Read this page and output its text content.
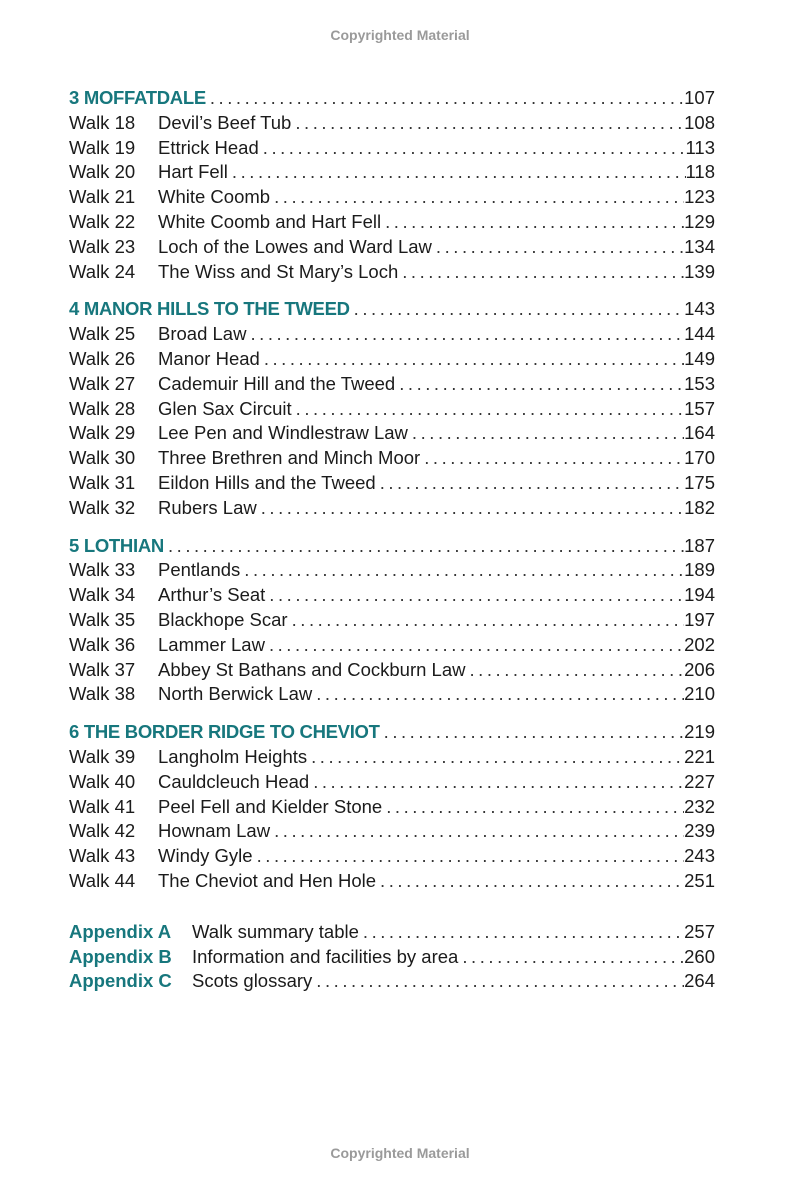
Copyrighted Material
3 MOFFATDALE . . .	107
Walk 18	Devil’s Beef Tub . . .	108
Walk 19	Ettrick Head . . .	113
Walk 20	Hart Fell . . .	118
Walk 21	White Coomb . . .	123
Walk 22	White Coomb and Hart Fell . . .	129
Walk 23	Loch of the Lowes and Ward Law . . .	134
Walk 24	The Wiss and St Mary’s Loch . . .	139
4 MANOR HILLS TO THE TWEED . . .	143
Walk 25	Broad Law . . .	144
Walk 26	Manor Head . . .	149
Walk 27	Cademuir Hill and the Tweed . . .	153
Walk 28	Glen Sax Circuit . . .	157
Walk 29	Lee Pen and Windlestraw Law . . .	164
Walk 30	Three Brethren and Minch Moor . . .	170
Walk 31	Eildon Hills and the Tweed . . .	175
Walk 32	Rubers Law . . .	182
5 LOTHIAN . . .	187
Walk 33	Pentlands . . .	189
Walk 34	Arthur’s Seat . . .	194
Walk 35	Blackhope Scar . . .	197
Walk 36	Lammer Law . . .	202
Walk 37	Abbey St Bathans and Cockburn Law . . .	206
Walk 38	North Berwick Law . . .	210
6 THE BORDER RIDGE TO CHEVIOT . . .	219
Walk 39	Langholm Heights . . .	221
Walk 40	Cauldcleuch Head . . .	227
Walk 41	Peel Fell and Kielder Stone . . .	232
Walk 42	Hownam Law . . .	239
Walk 43	Windy Gyle . . .	243
Walk 44	The Cheviot and Hen Hole . . .	251
Appendix A	Walk summary table . . .	257
Appendix B	Information and facilities by area . . .	260
Appendix C	Scots glossary . . .	264
Copyrighted Material
